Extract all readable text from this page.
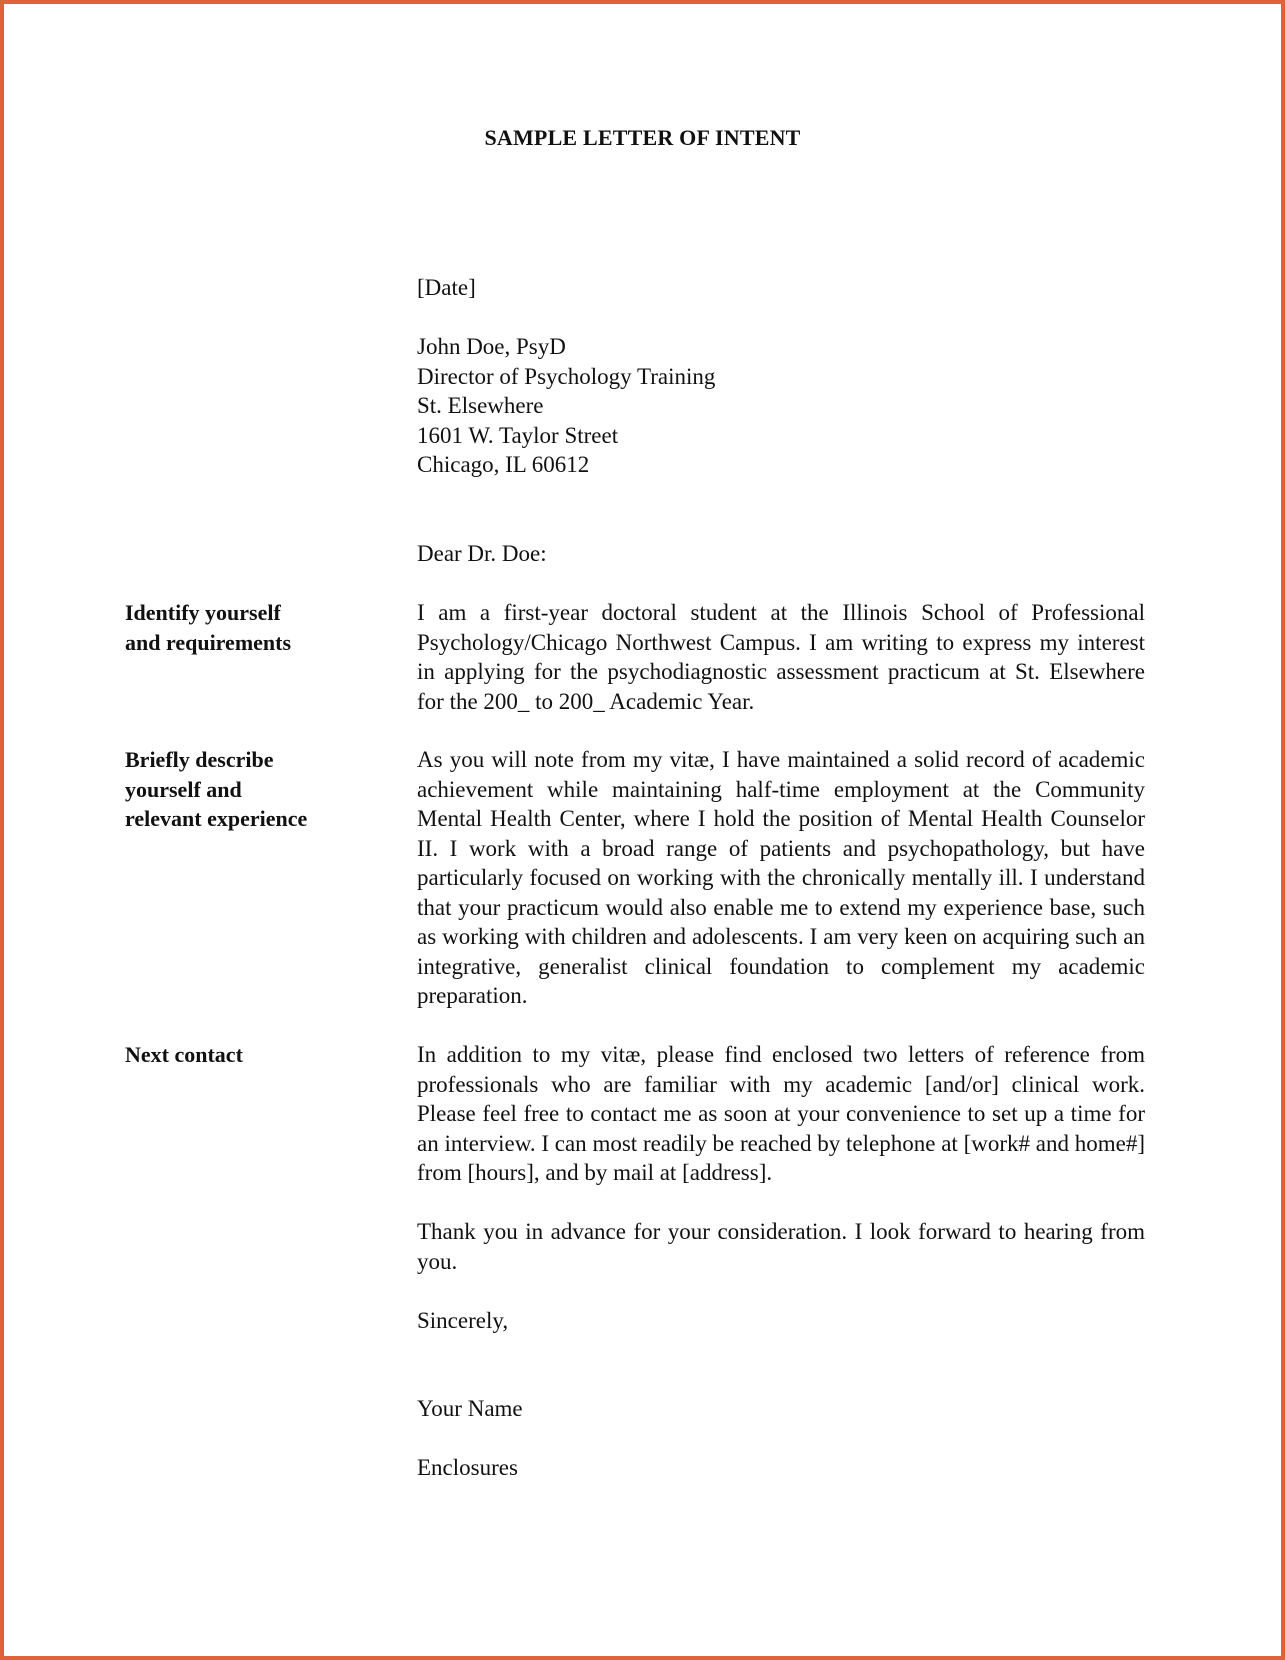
SAMPLE LETTER OF INTENT

[Date]

John Doe, PsyD
Director of Psychology Training
St. Elsewhere
1601 W. Taylor Street
Chicago, IL 60612

Dear Dr. Doe:

Identify yourself
and requirements

I am a first-year doctoral student at the Illinois School of Professional Psychology/Chicago Northwest Campus. I am writing to express my interest in applying for the psychodiagnostic assessment practicum at St. Elsewhere for the 200_ to 200_ Academic Year.

Briefly describe
yourself and
relevant experience

As you will note from my vitæ, I have maintained a solid record of academic achievement while maintaining half-time employment at the Community Mental Health Center, where I hold the position of Mental Health Counselor II. I work with a broad range of patients and psychopathology, but have particularly focused on working with the chronically mentally ill. I understand that your practicum would also enable me to extend my experience base, such as working with children and adolescents. I am very keen on acquiring such an integrative, generalist clinical foundation to complement my academic preparation.

Next contact	In addition to my vitæ, please find enclosed two letters of reference from professionals who are familiar with my academic [and/or] clinical work. Please feel free to contact me as soon at your convenience to set up a time for an interview. I can most readily be reached by telephone at [work# and home#] from [hours], and by mail at [address].

Thank you in advance for your consideration. I look forward to hearing from you.

Sincerely,

Your Name

Enclosures
